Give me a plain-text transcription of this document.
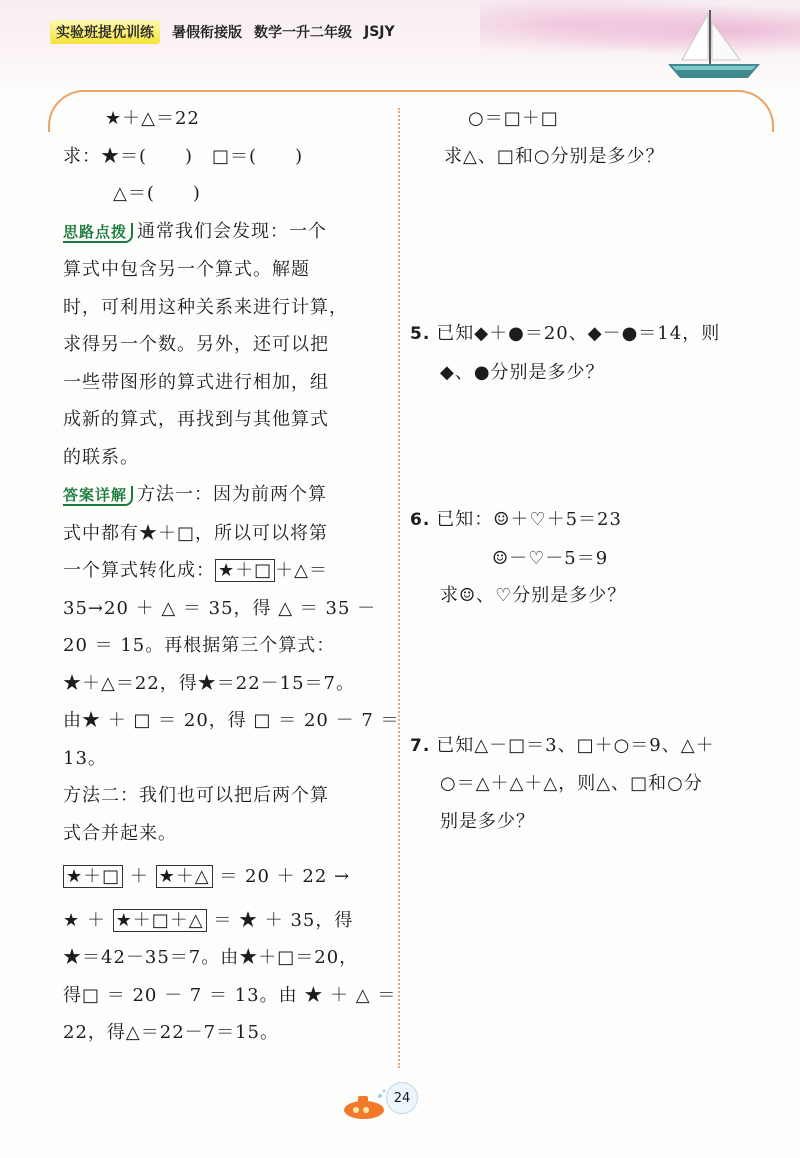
实验班提优训练	暑假衔接版 数学一升二年级 JSJY
★＋△＝22
求：★＝(　　)　□＝(　　)
△＝(　　)
思路点拨 通常我们会发现：一个
算式中包含另一个算式。解题
时，可利用这种关系来进行计算，
求得另一个数。另外，还可以把
一些带图形的算式进行相加，组
成新的算式，再找到与其他算式
的联系。
答案详解 方法一：因为前两个算
式中都有★＋□，所以可以将第
一个算式转化成： ★＋□ ＋△＝
35→20 ＋ △ ＝ 35，得 △ ＝ 35 －
20 ＝ 15。再根据第三个算式：
★＋△＝22，得★＝22－15＝7。
由★ ＋ □ ＝ 20，得 □ ＝ 20 － 7 ＝
13。
方法二：我们也可以把后两个算
式合并起来。
★＋□ ＋ ★＋△ ＝ 20 ＋ 22 →
★ ＋ ★＋□＋△ ＝ ★ ＋ 35，得
★＝42－35＝7。由★＋□＝20，
得□ ＝ 20 － 7 ＝ 13。由 ★ ＋ △ ＝
22，得△＝22－7＝15。
○＝□＋□
求△、□和○分别是多少？
5. 已知◆＋●＝20、◆－●＝14，则
◆、●分别是多少？
6. 已知：☺＋♡＋5＝23
☺－♡－5＝9
求☺、♡分别是多少？
7. 已知△－□＝3、□＋○＝9、△＋
○＝△＋△＋△，则△、□和○分
别是多少？
24
